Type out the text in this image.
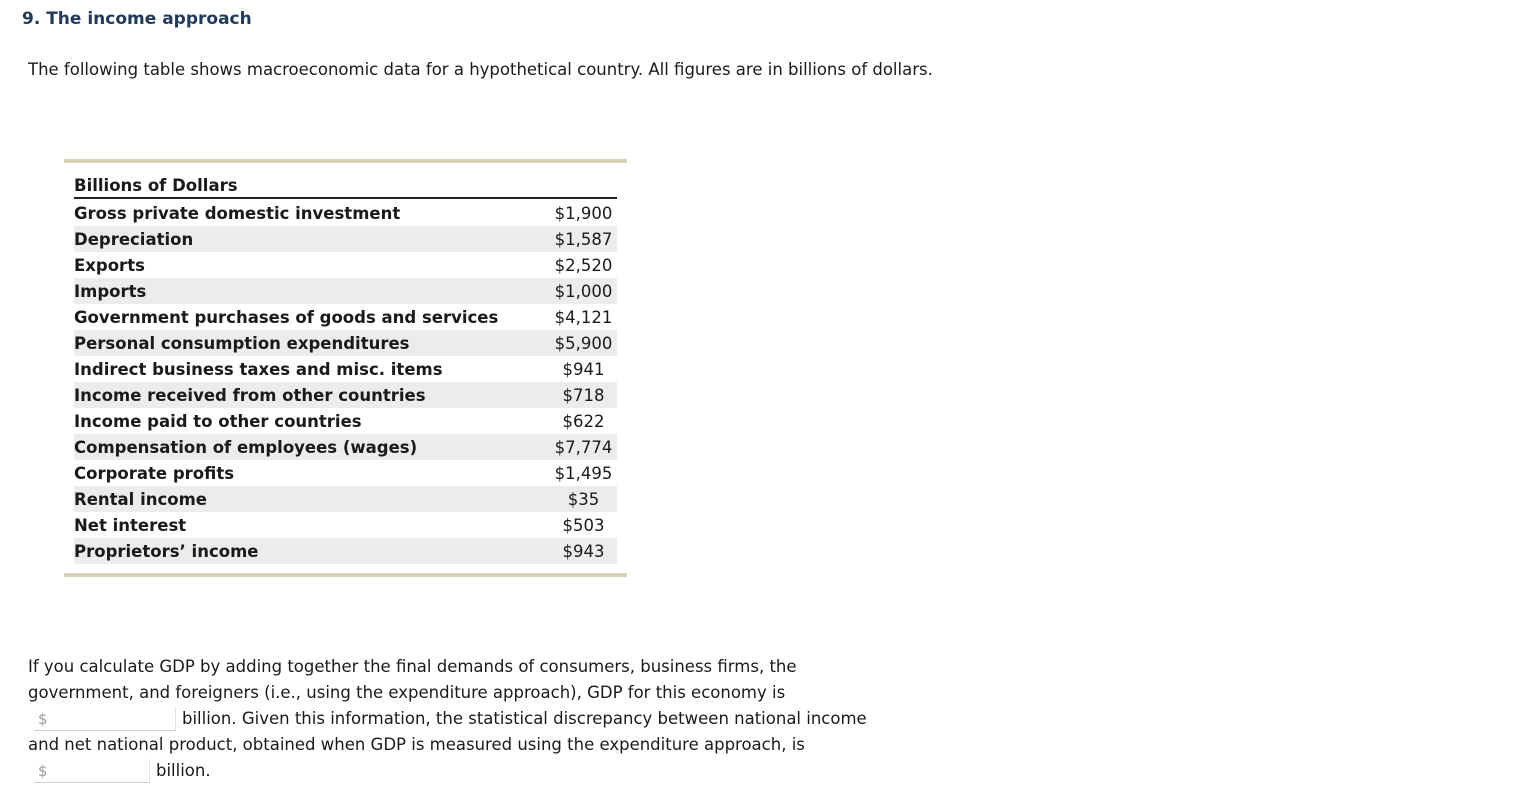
9. The income approach

The following table shows macroeconomic data for a hypothetical country. All figures are in billions of dollars.

Billions of Dollars
Gross private domestic investment	$1,900
Depreciation	$1,587
Exports	$2,520
Imports	$1,000
Government purchases of goods and services	$4,121
Personal consumption expenditures	$5,900
Indirect business taxes and misc. items	$941
Income received from other countries	$718
Income paid to other countries	$622
Compensation of employees (wages)	$7,774
Corporate profits	$1,495
Rental income	$35
Net interest	$503
Proprietors’ income	$943
If you calculate GDP by adding together the final demands of consumers, business firms, the
government, and foreigners (i.e., using the expenditure approach), GDP for this economy is
$	billion. Given this information, the statistical discrepancy between national income
and net national product, obtained when GDP is measured using the expenditure approach, is
$	billion.
